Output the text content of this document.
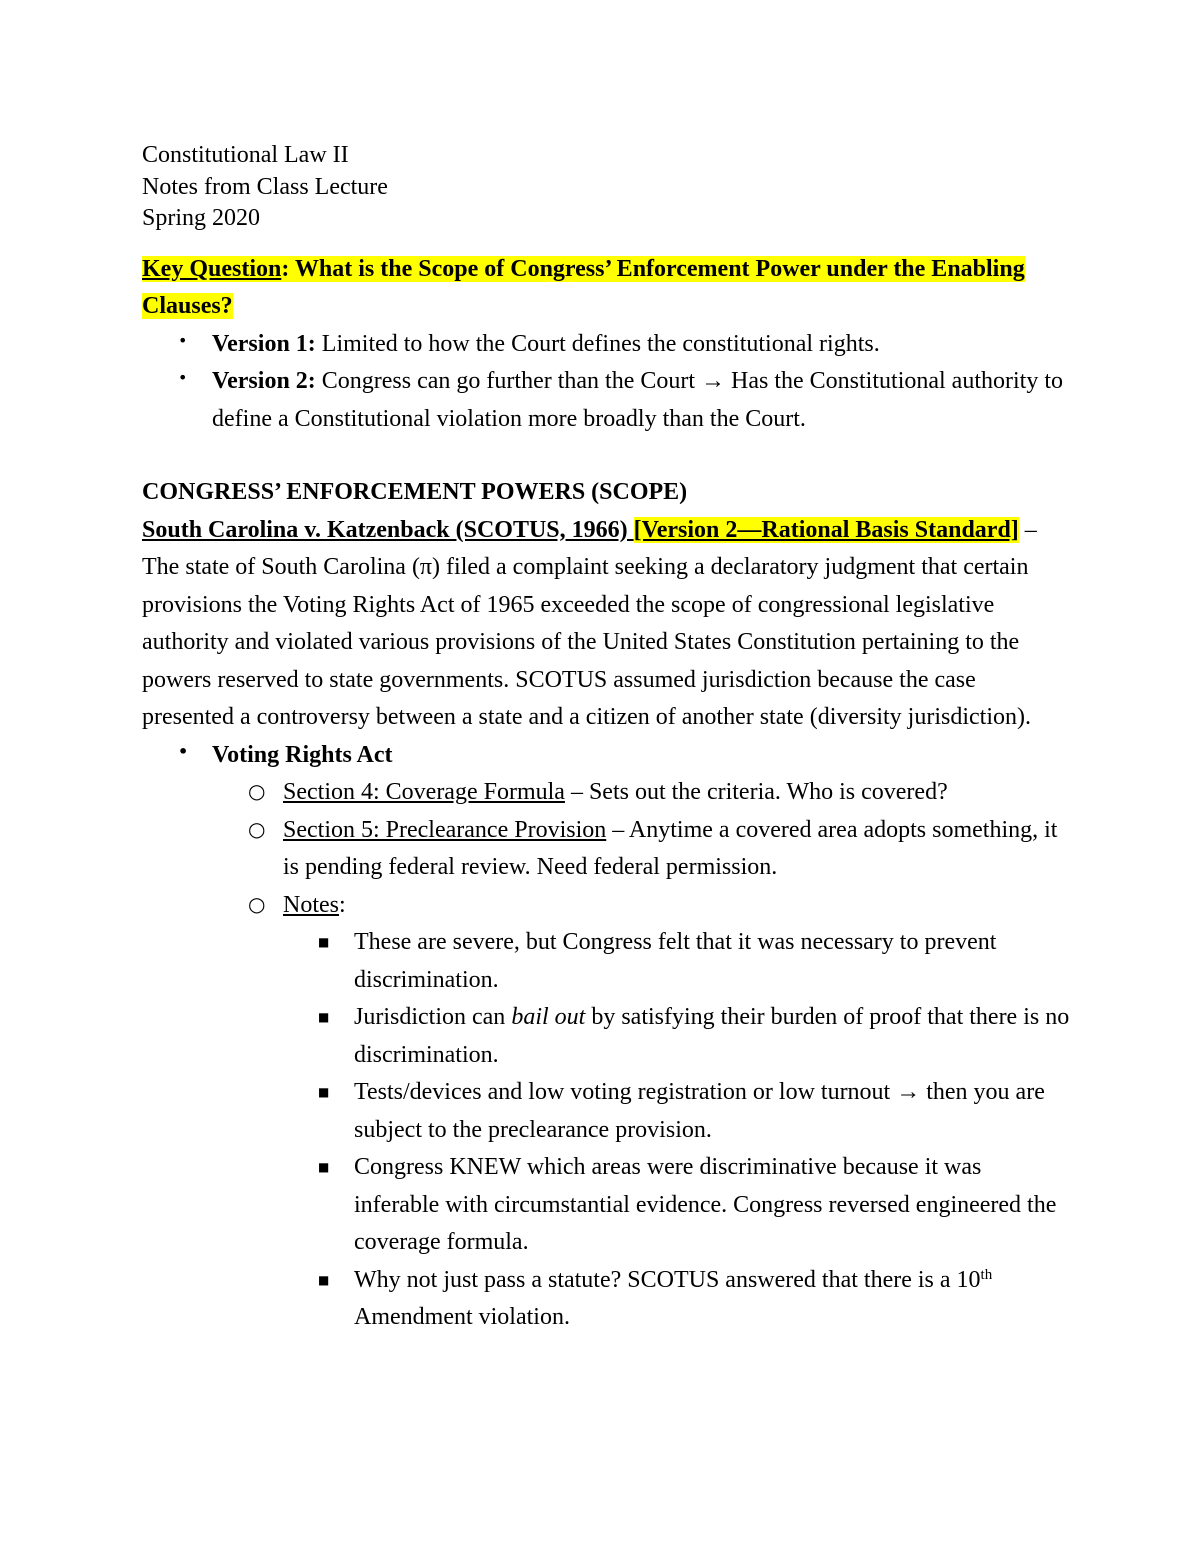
Constitutional Law II
Notes from Class Lecture
Spring 2020
Key Question: What is the Scope of Congress’ Enforcement Power under the Enabling Clauses?
• Version 1: Limited to how the Court defines the constitutional rights.
• Version 2: Congress can go further than the Court → Has the Constitutional authority to define a Constitutional violation more broadly than the Court.
CONGRESS’ ENFORCEMENT POWERS (SCOPE)
South Carolina v. Katzenback (SCOTUS, 1966) [Version 2—Rational Basis Standard] – The state of South Carolina (π) filed a complaint seeking a declaratory judgment that certain provisions the Voting Rights Act of 1965 exceeded the scope of congressional legislative authority and violated various provisions of the United States Constitution pertaining to the powers reserved to state governments. SCOTUS assumed jurisdiction because the case presented a controversy between a state and a citizen of another state (diversity jurisdiction).
• Voting Rights Act
○ Section 4: Coverage Formula – Sets out the criteria. Who is covered?
○ Section 5: Preclearance Provision – Anytime a covered area adopts something, it is pending federal review. Need federal permission.
○ Notes:
■ These are severe, but Congress felt that it was necessary to prevent discrimination.
■ Jurisdiction can bail out by satisfying their burden of proof that there is no discrimination.
■ Tests/devices and low voting registration or low turnout → then you are subject to the preclearance provision.
■ Congress KNEW which areas were discriminative because it was inferable with circumstantial evidence. Congress reversed engineered the coverage formula.
■ Why not just pass a statute? SCOTUS answered that there is a 10th Amendment violation.
